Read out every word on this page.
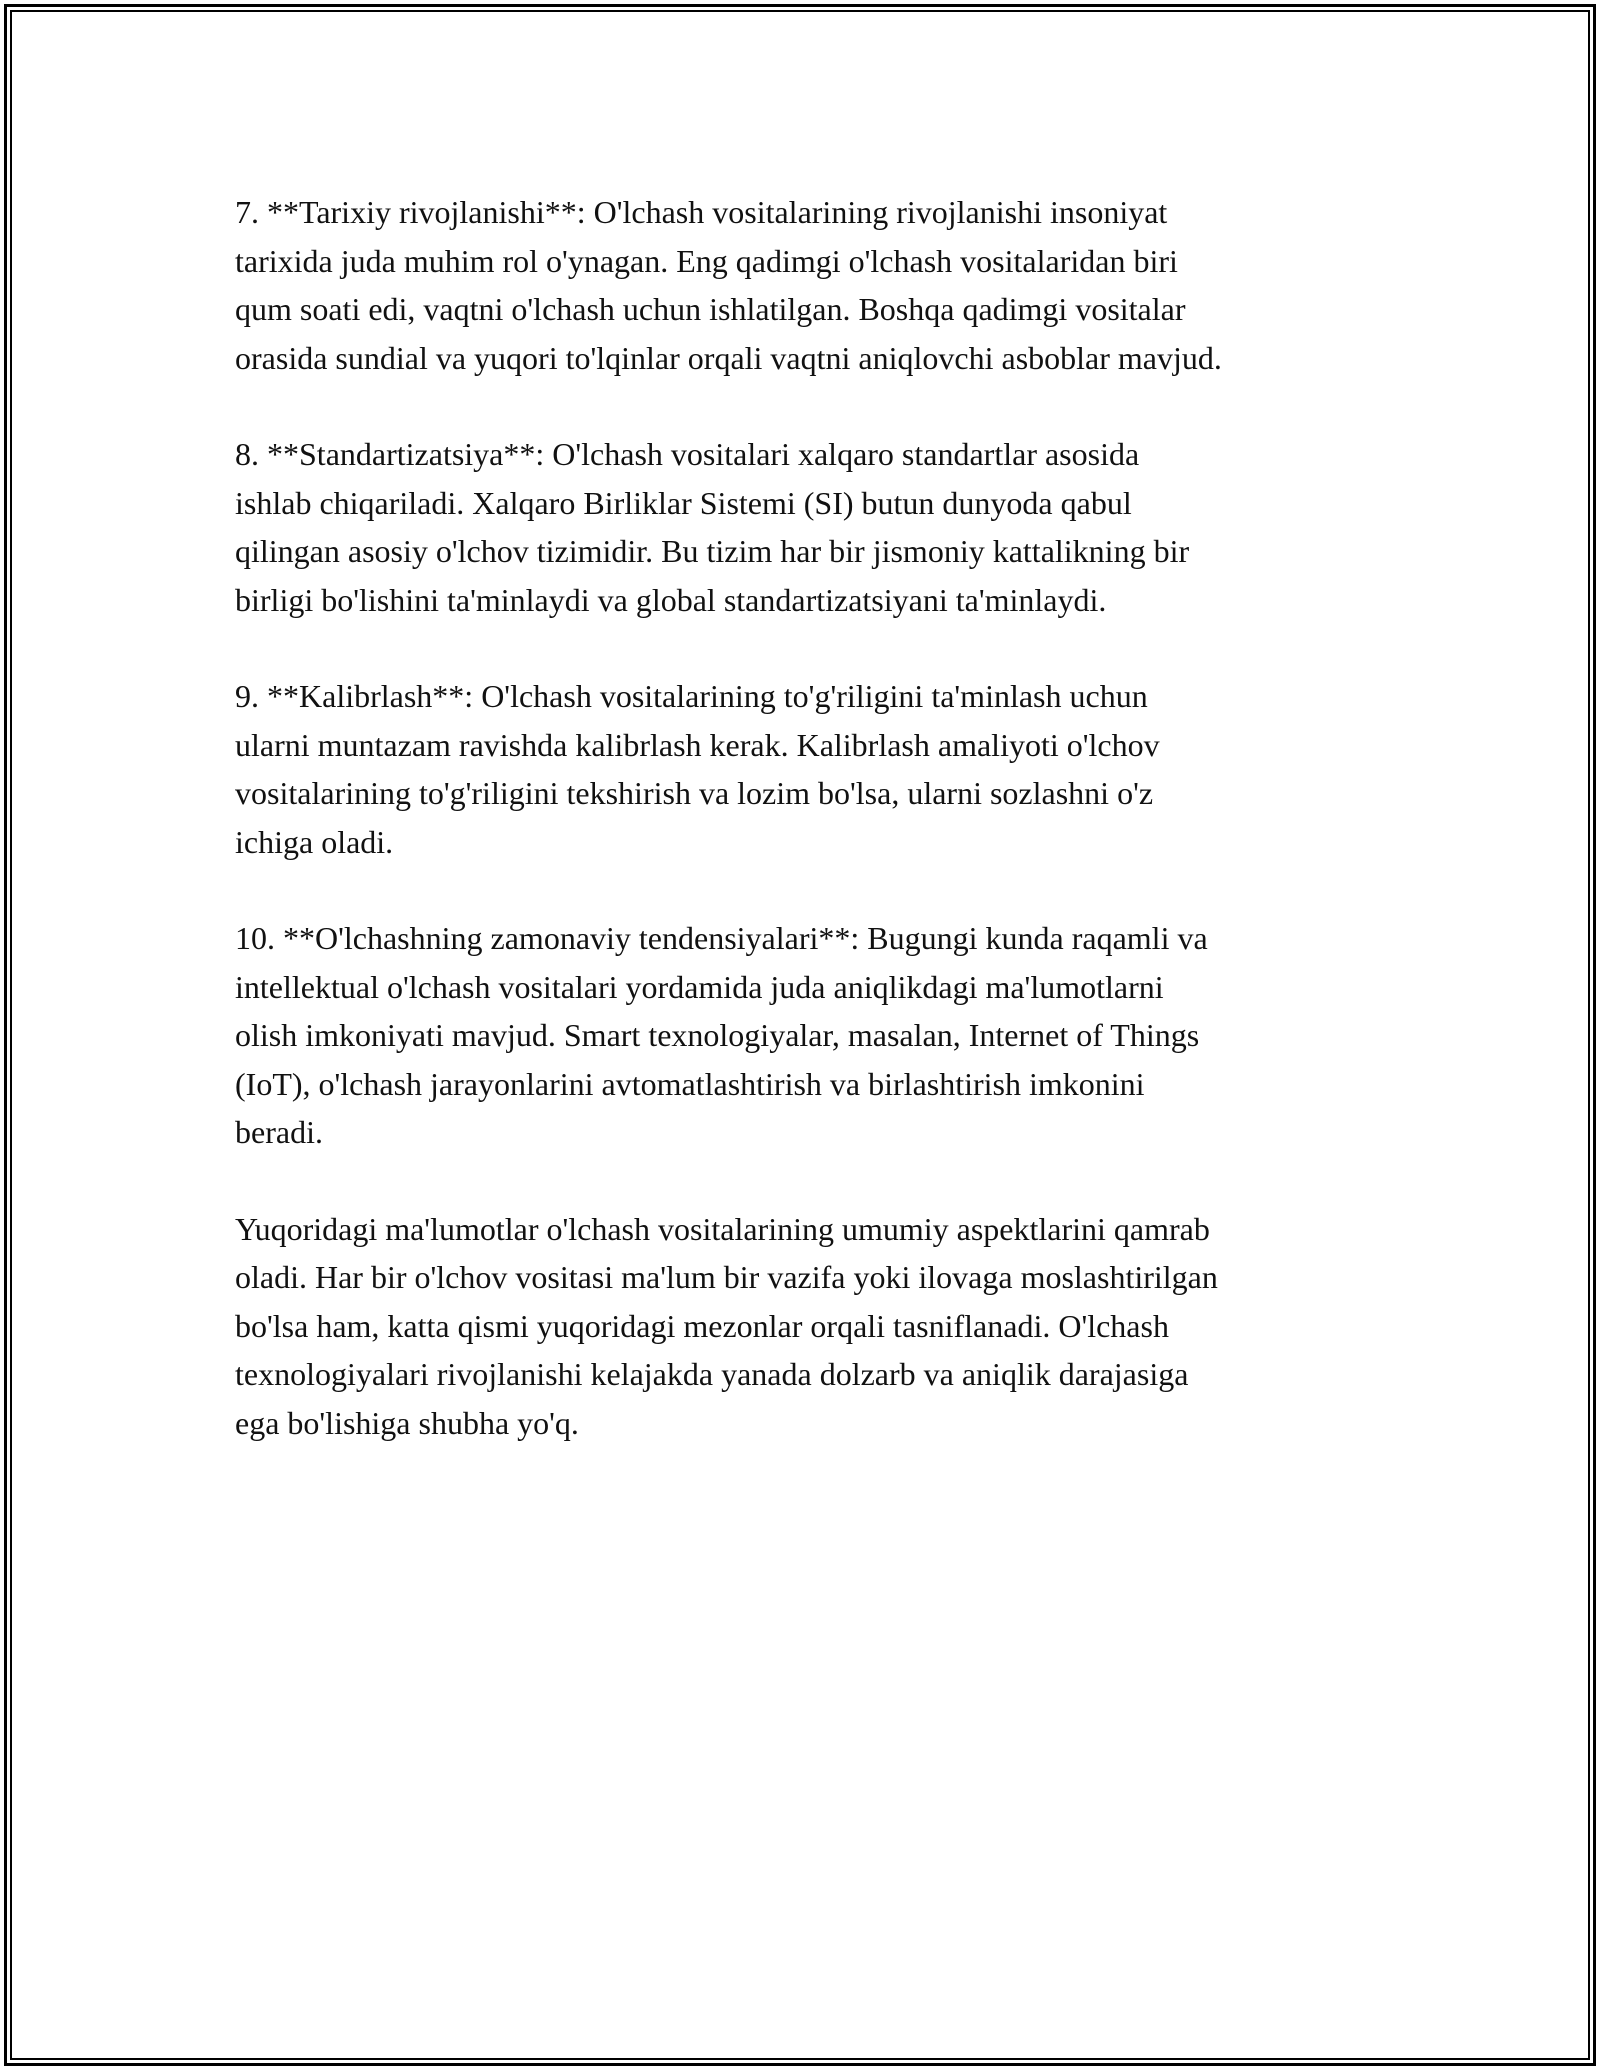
7. **Tarixiy rivojlanishi**: O'lchash vositalarining rivojlanishi insoniyat
tarixida juda muhim rol o'ynagan. Eng qadimgi o'lchash vositalaridan biri
qum soati edi, vaqtni o'lchash uchun ishlatilgan. Boshqa qadimgi vositalar
orasida sundial va yuqori to'lqinlar orqali vaqtni aniqlovchi asboblar mavjud.

8. **Standartizatsiya**: O'lchash vositalari xalqaro standartlar asosida
ishlab chiqariladi. Xalqaro Birliklar Sistemi (SI) butun dunyoda qabul
qilingan asosiy o'lchov tizimidir. Bu tizim har bir jismoniy kattalikning bir
birligi bo'lishini ta'minlaydi va global standartizatsiyani ta'minlaydi.

9. **Kalibrlash**: O'lchash vositalarining to'g'riligini ta'minlash uchun
ularni muntazam ravishda kalibrlash kerak. Kalibrlash amaliyoti o'lchov
vositalarining to'g'riligini tekshirish va lozim bo'lsa, ularni sozlashni o'z
ichiga oladi.

10. **O'lchashning zamonaviy tendensiyalari**: Bugungi kunda raqamli va
intellektual o'lchash vositalari yordamida juda aniqlikdagi ma'lumotlarni
olish imkoniyati mavjud. Smart texnologiyalar, masalan, Internet of Things
(IoT), o'lchash jarayonlarini avtomatlashtirish va birlashtirish imkonini
beradi.

Yuqoridagi ma'lumotlar o'lchash vositalarining umumiy aspektlarini qamrab
oladi. Har bir o'lchov vositasi ma'lum bir vazifa yoki ilovaga moslashtirilgan
bo'lsa ham, katta qismi yuqoridagi mezonlar orqali tasniflanadi. O'lchash
texnologiyalari rivojlanishi kelajakda yanada dolzarb va aniqlik darajasiga
ega bo'lishiga shubha yo'q.
